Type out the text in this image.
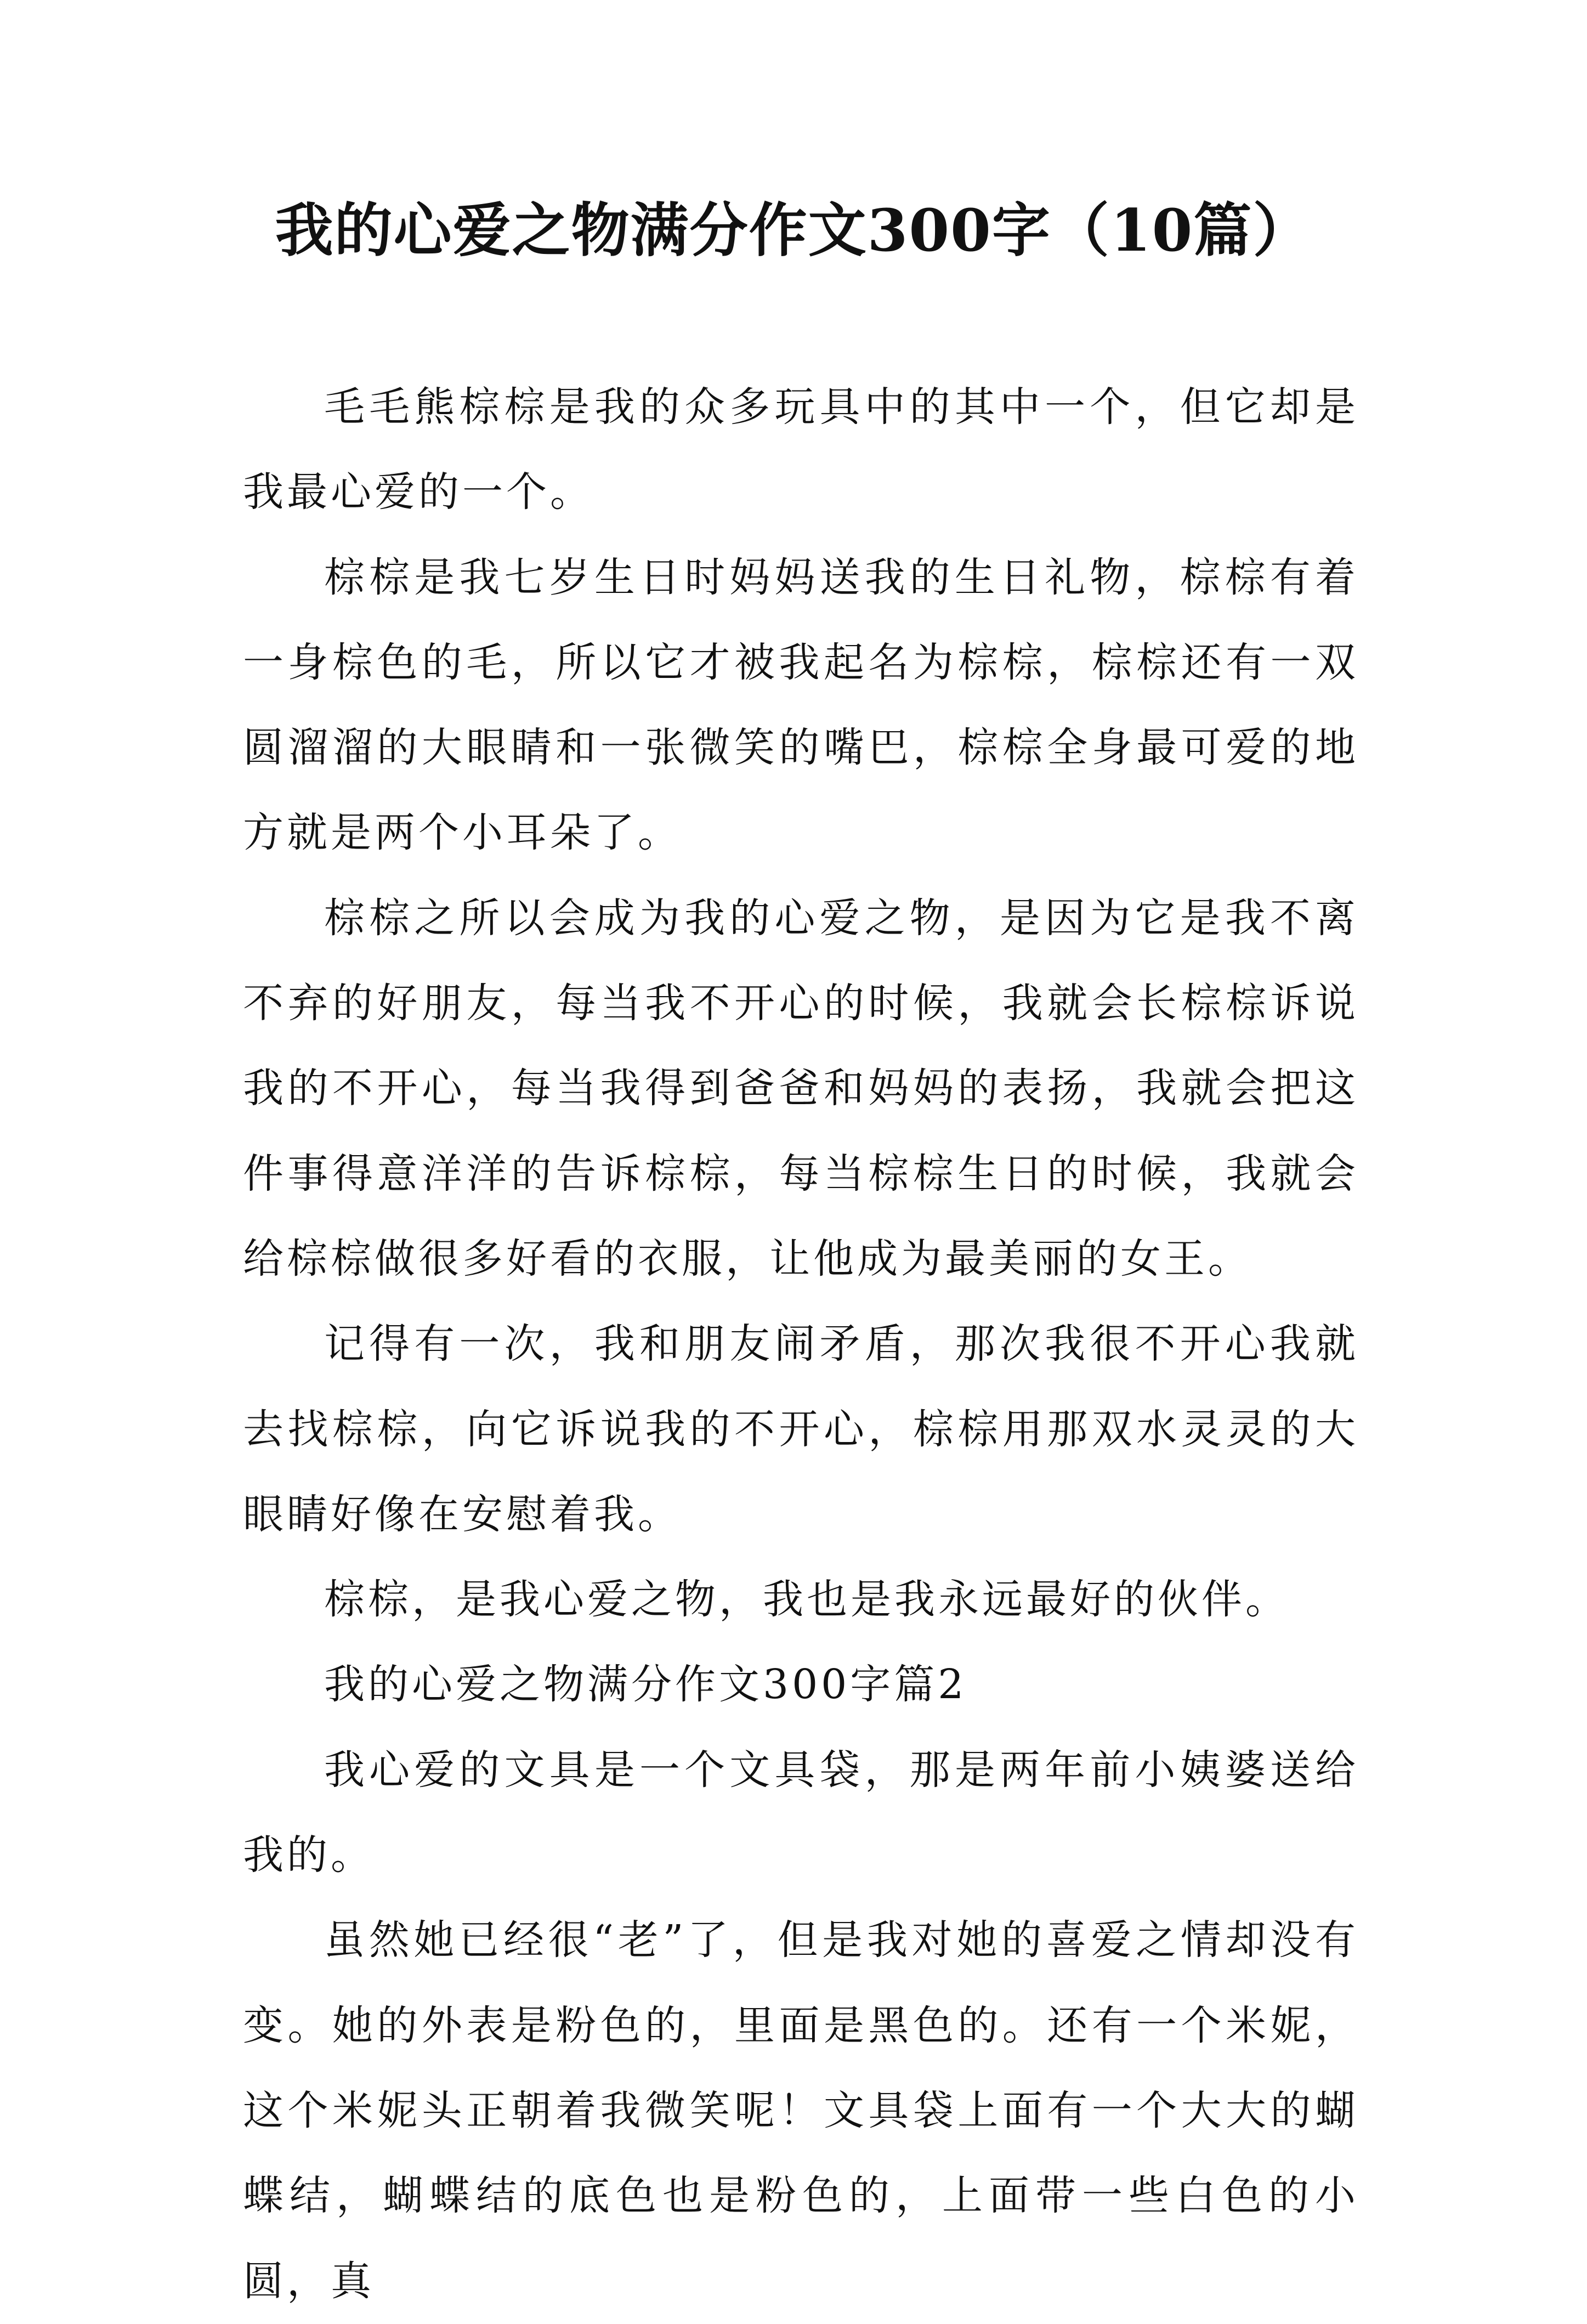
我的心爱之物满分作文300字（10篇）

毛毛熊棕棕是我的众多玩具中的其中一个，但它却是我最心爱的一个。

棕棕是我七岁生日时妈妈送我的生日礼物，棕棕有着一身棕色的毛，所以它才被我起名为棕棕，棕棕还有一双圆溜溜的大眼睛和一张微笑的嘴巴，棕棕全身最可爱的地方就是两个小耳朵了。

棕棕之所以会成为我的心爱之物，是因为它是我不离不弃的好朋友，每当我不开心的时候，我就会长棕棕诉说我的不开心，每当我得到爸爸和妈妈的表扬，我就会把这件事得意洋洋的告诉棕棕，每当棕棕生日的时候，我就会给棕棕做很多好看的衣服，让他成为最美丽的女王。

记得有一次，我和朋友闹矛盾，那次我很不开心我就去找棕棕，向它诉说我的不开心，棕棕用那双水灵灵的大眼睛好像在安慰着我。

棕棕，是我心爱之物，我也是我永远最好的伙伴。

我的心爱之物满分作文300字篇2

我心爱的文具是一个文具袋，那是两年前小姨婆送给我的。

虽然她已经很“老”了，但是我对她的喜爱之情却没有变。她的外表是粉色的，里面是黑色的。还有一个米妮，这个米妮头正朝着我微笑呢！文具袋上面有一个大大的蝴蝶结，蝴蝶结的底色也是粉色的，上面带一些白色的小圆，真
